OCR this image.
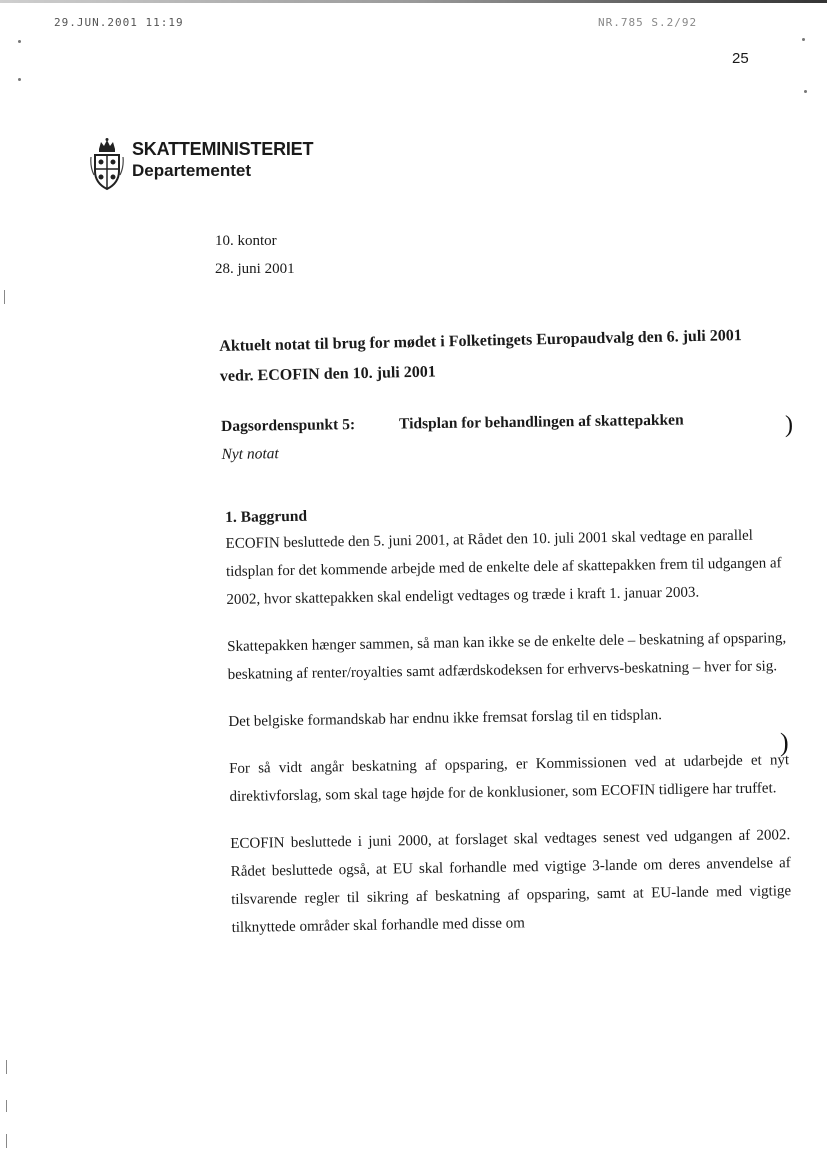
29.JUN.2001 11:19	NR.785 S.2/92
25
SKATTEMINISTERIET
Departementet
10. kontor
28. juni 2001
Aktuelt notat til brug for mødet i Folketingets Europaudvalg den 6. juli 2001 vedr. ECOFIN den 10. juli 2001
Dagsordenspunkt 5:	Tidsplan for behandlingen af skattepakken
Nyt notat
1. Baggrund

ECOFIN besluttede den 5. juni 2001, at Rådet den 10. juli 2001 skal vedtage en parallel tidsplan for det kommende arbejde med de enkelte dele af skattepakken frem til udgangen af 2002, hvor skattepakken skal endeligt vedtages og træde i kraft 1. januar 2003.

Skattepakken hænger sammen, så man kan ikke se de enkelte dele – beskatning af opsparing, beskatning af renter/royalties samt adfærdskodeksen for erhvervs-beskatning – hver for sig.

Det belgiske formandskab har endnu ikke fremsat forslag til en tidsplan.

For så vidt angår beskatning af opsparing, er Kommissionen ved at udarbejde et nyt direktivforslag, som skal tage højde for de konklusioner, som ECOFIN tidligere har truffet.

ECOFIN besluttede i juni 2000, at forslaget skal vedtages senest ved udgangen af 2002. Rådet besluttede også, at EU skal forhandle med vigtige 3-lande om deres anvendelse af tilsvarende regler til sikring af beskatning af opsparing, samt at EU-lande med vigtige tilknyttede områder skal forhandle med disse om

)
)
